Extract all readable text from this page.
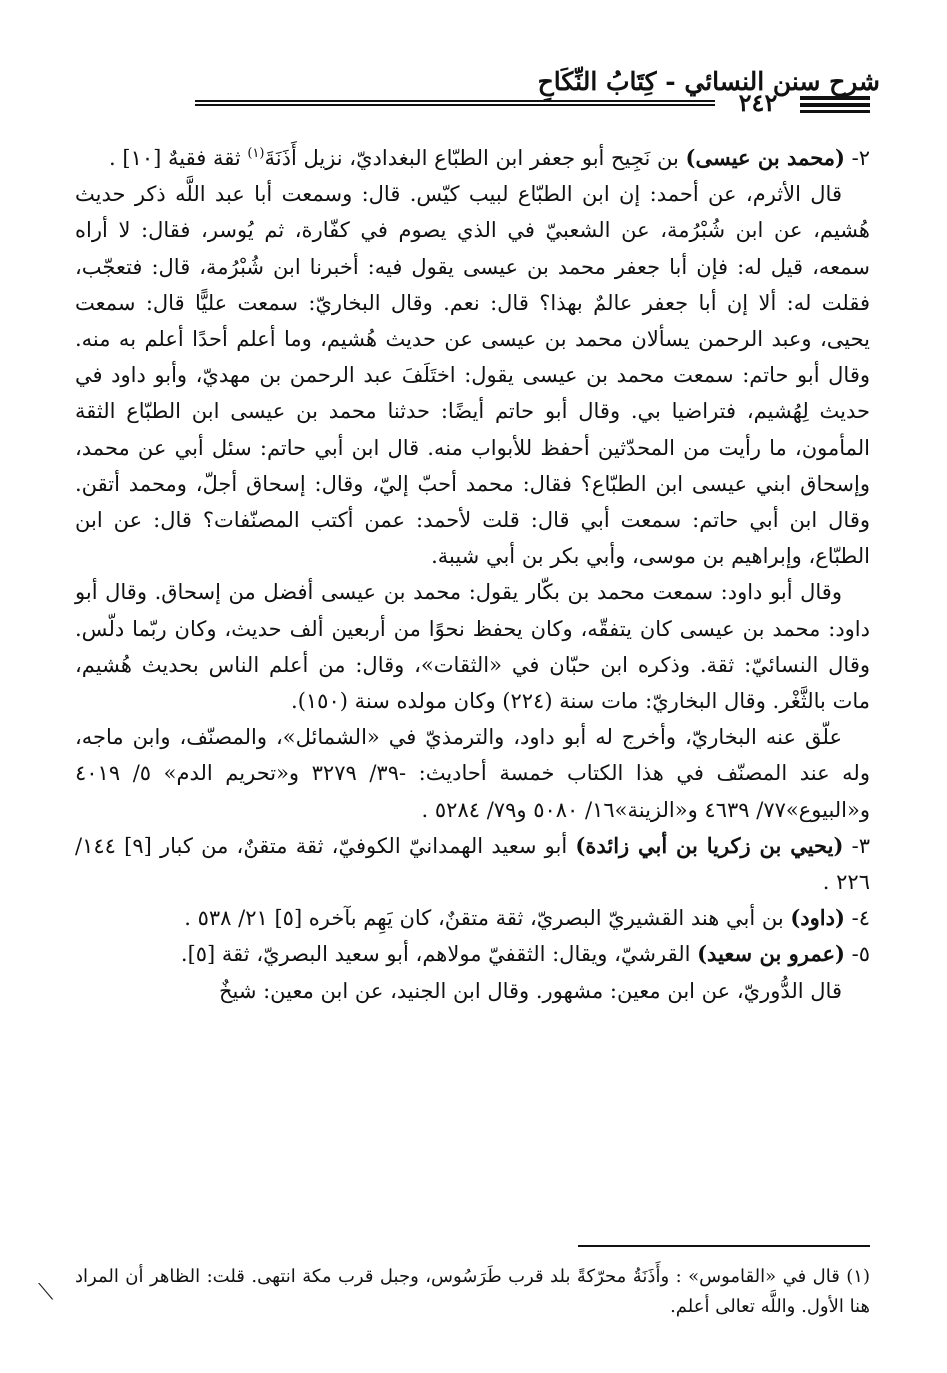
شرح سنن النسائي - كِتَابُ النِّكَاحِ
٢٤٢

٢- (محمد بن عيسى) بن نَجِيح أبو جعفر ابن الطبّاع البغداديّ، نزيل أَذَنَةَ$^{(١)}$ ثقة فقيهٌ [١٠] .

قال الأثرم، عن أحمد: إن ابن الطبّاع لبيب كيّس. قال: وسمعت أبا عبد اللَّه ذكر حديث هُشيم، عن ابن شُبْرُمة، عن الشعبيّ في الذي يصوم في كفّارة، ثم يُوسر، فقال: لا أراه سمعه، قيل له: فإن أبا جعفر محمد بن عيسى يقول فيه: أخبرنا ابن شُبْرُمة، قال: فتعجّب، فقلت له: ألا إن أبا جعفر عالمٌ بهذا؟ قال: نعم. وقال البخاريّ: سمعت عليًّا قال: سمعت يحيى، وعبد الرحمن يسألان محمد بن عيسى عن حديث هُشيم، وما أعلم أحدًا أعلم به منه. وقال أبو حاتم: سمعت محمد بن عيسى يقول: اختَلَفَ عبد الرحمن بن مهديّ، وأبو داود في حديث لِهُشيم، فتراضيا بي. وقال أبو حاتم أيضًا: حدثنا محمد بن عيسى ابن الطبّاع الثقة المأمون، ما رأيت من المحدّثين أحفظ للأبواب منه. قال ابن أبي حاتم: سئل أبي عن محمد، وإسحاق ابني عيسى ابن الطبّاع؟ فقال: محمد أحبّ إليّ، وقال: إسحاق أجلّ، ومحمد أتقن. وقال ابن أبي حاتم: سمعت أبي قال: قلت لأحمد: عمن أكتب المصنّفات؟ قال: عن ابن الطبّاع، وإبراهيم بن موسى، وأبي بكر بن أبي شيبة.

وقال أبو داود: سمعت محمد بن بكّار يقول: محمد بن عيسى أفضل من إسحاق. وقال أبو داود: محمد بن عيسى كان يتفقّه، وكان يحفظ نحوًا من أربعين ألف حديث، وكان ربّما دلّس. وقال النسائيّ: ثقة. وذكره ابن حبّان في «الثقات»، وقال: من أعلم الناس بحديث هُشيم، مات بالثَّغْر. وقال البخاريّ: مات سنة (٢٢٤) وكان مولده سنة (١٥٠).

علّق عنه البخاريّ، وأخرج له أبو داود، والترمذيّ في «الشمائل»، والمصنّف، وابن ماجه، وله عند المصنّف في هذا الكتاب خمسة أحاديث: -٣٩/ ٣٢٧٩ و«تحريم الدم» ٥/ ٤٠١٩ و«البيوع»٧٧/ ٤٦٣٩ و«الزينة»١٦/ ٥٠٨٠ و٧٩/ ٥٢٨٤ .

٣- (يحيي بن زكريا بن أبي زائدة) أبو سعيد الهمدانيّ الكوفيّ، ثقة متقنٌ، من كبار [٩] ١٤٤/ ٢٢٦ .

٤- (داود) بن أبي هند القشيريّ البصريّ، ثقة متقنٌ، كان يَهِم بآخره [٥] ٢١/ ٥٣٨ .

٥- (عمرو بن سعيد) القرشيّ، ويقال: الثقفيّ مولاهم، أبو سعيد البصريّ، ثقة [٥].

قال الدُّوريّ، عن ابن معين: مشهور. وقال ابن الجنيد، عن ابن معين: شيخٌ

(١) قال في «القاموس» : وأَذَنَةُ محرّكةً بلد قرب طَرَسُوس، وجبل قرب مكة انتهى. قلت: الظاهر أن المراد هنا الأول. واللَّه تعالى أعلم.

⟍
